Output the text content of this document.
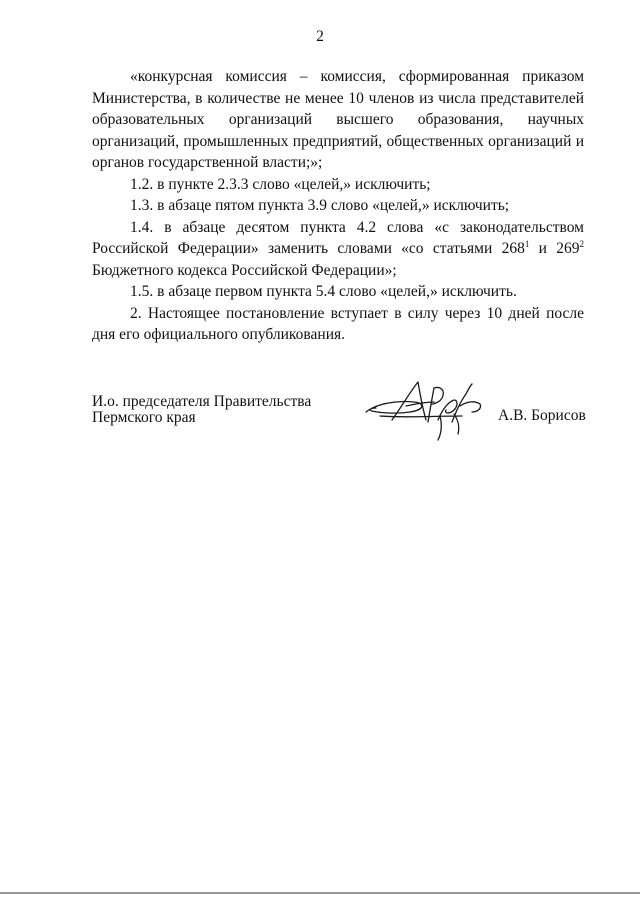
2

«конкурсная комиссия – комиссия, сформированная приказом Министерства, в количестве не менее 10 членов из числа представителей образовательных организаций высшего образования, научных организаций, промышленных предприятий, общественных организаций и органов государственной власти;»;

1.2. в пункте 2.3.3 слово «целей,» исключить;

1.3. в абзаце пятом пункта 3.9 слово «целей,» исключить;

1.4. в абзаце десятом пункта 4.2 слова «с законодательством Российской Федерации» заменить словами «со статьями $268^1$ и $269^2$ Бюджетного кодекса Российской Федерации»;

1.5. в абзаце первом пункта 5.4 слово «целей,» исключить.

2. Настоящее постановление вступает в силу через 10 дней после дня его официального опубликования.

И.о. председателя Правительства
Пермского края	А.В. Борисов
